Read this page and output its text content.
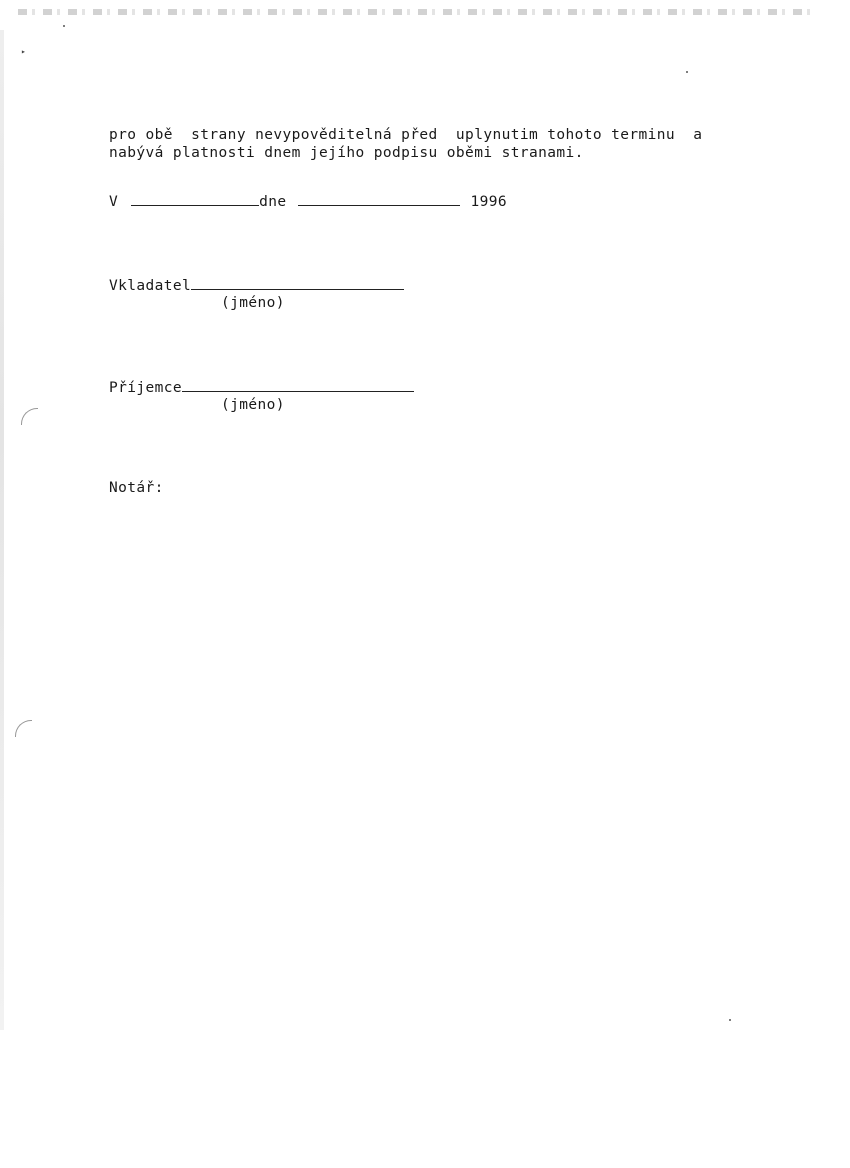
▸
pro obě  strany nevypověditelná před  uplynutim tohoto terminu  a
nabývá platnosti dnem jejího podpisu oběmi stranami.
V	dne	1996
Vkladatel
(jméno)
Příjemce
(jméno)
Notář:
